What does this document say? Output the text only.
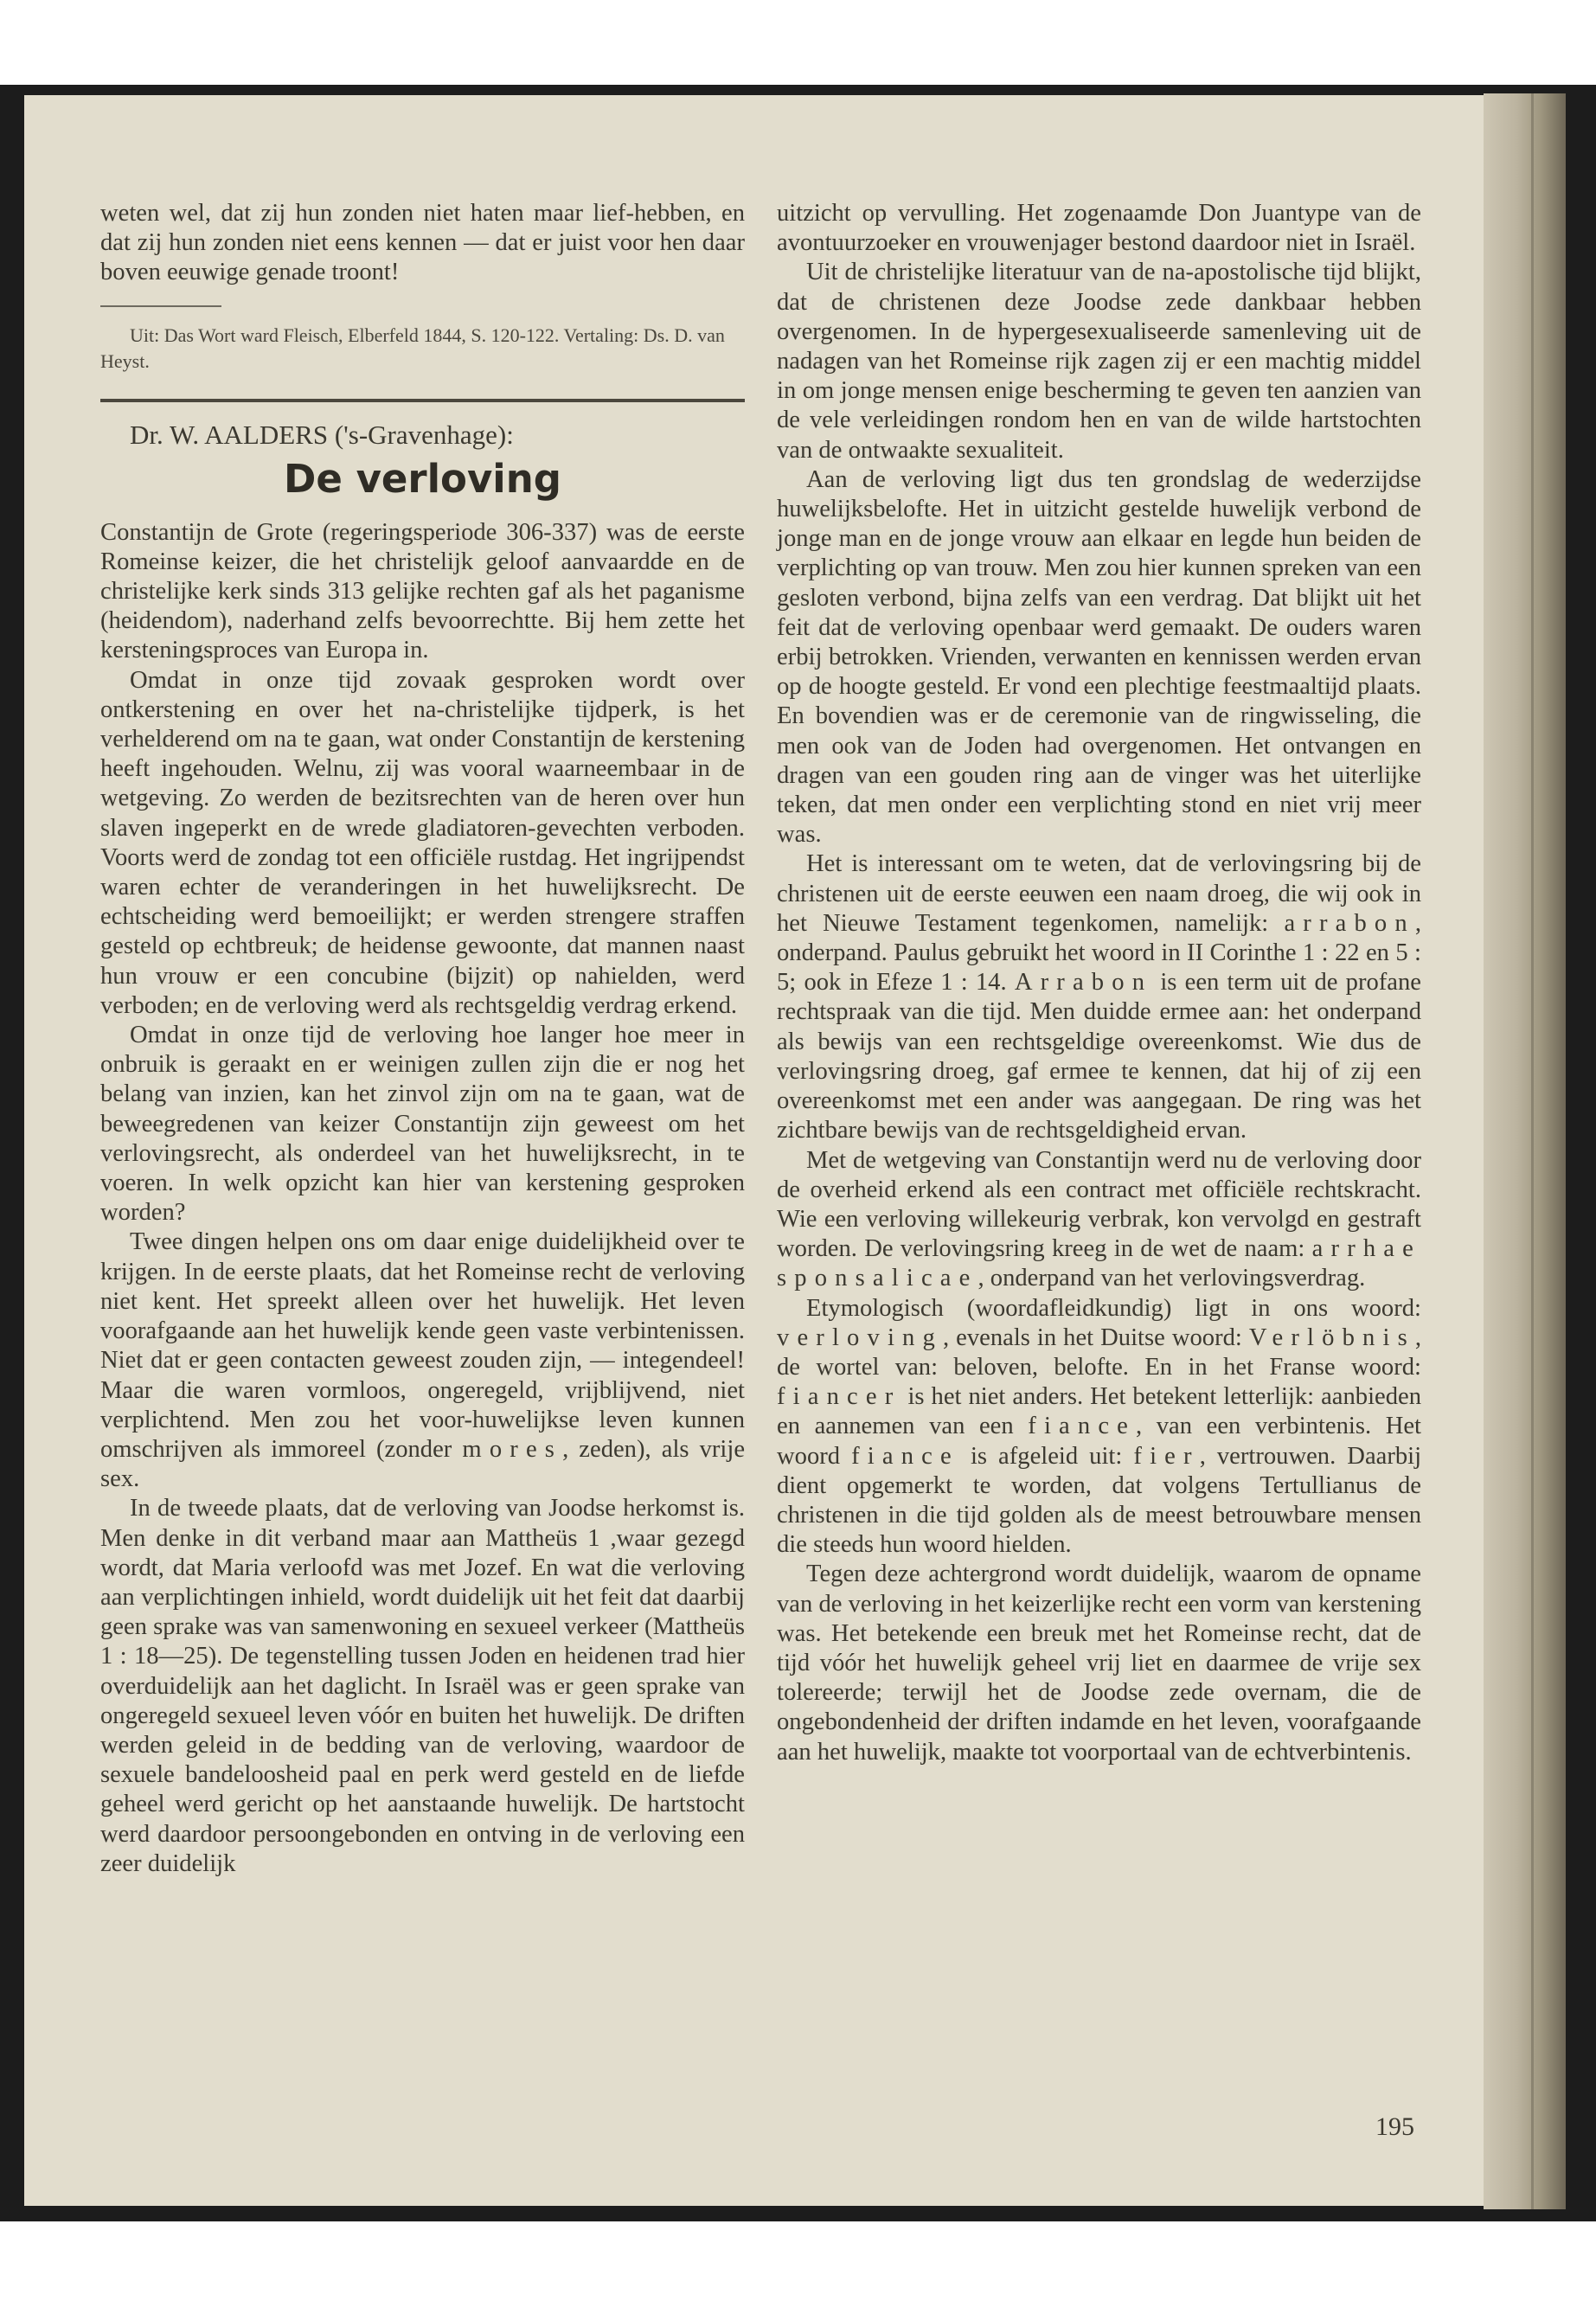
weten wel, dat zij hun zonden niet haten maar lief-hebben, en dat zij hun zonden niet eens kennen — dat er juist voor hen daar boven eeuwige genade troont!

Uit: Das Wort ward Fleisch, Elberfeld 1844, S. 120-122. Vertaling: Ds. D. van Heyst.

Dr. W. AALDERS ('s-Gravenhage):

De verloving

Constantijn de Grote (regeringsperiode 306-337) was de eerste Romeinse keizer, die het christelijk geloof aanvaardde en de christelijke kerk sinds 313 gelijke rechten gaf als het paganisme (heidendom), naderhand zelfs bevoorrechtte. Bij hem zette het kersteningsproces van Europa in.

Omdat in onze tijd zovaak gesproken wordt over ontkerstening en over het na-christelijke tijdperk, is het verhelderend om na te gaan, wat onder Constantijn de kerstening heeft ingehouden. Welnu, zij was vooral waarneembaar in de wetgeving. Zo werden de bezitsrechten van de heren over hun slaven ingeperkt en de wrede gladiatoren-gevechten verboden. Voorts werd de zondag tot een officiële rustdag. Het ingrijpendst waren echter de veranderingen in het huwelijksrecht. De echtscheiding werd bemoeilijkt; er werden strengere straffen gesteld op echtbreuk; de heidense gewoonte, dat mannen naast hun vrouw er een concubine (bijzit) op nahielden, werd verboden; en de verloving werd als rechtsgeldig verdrag erkend.

Omdat in onze tijd de verloving hoe langer hoe meer in onbruik is geraakt en er weinigen zullen zijn die er nog het belang van inzien, kan het zinvol zijn om na te gaan, wat de beweegredenen van keizer Constantijn zijn geweest om het verlovingsrecht, als onderdeel van het huwelijksrecht, in te voeren. In welk opzicht kan hier van kerstening gesproken worden?

Twee dingen helpen ons om daar enige duidelijkheid over te krijgen. In de eerste plaats, dat het Romeinse recht de verloving niet kent. Het spreekt alleen over het huwelijk. Het leven voorafgaande aan het huwelijk kende geen vaste verbintenissen. Niet dat er geen contacten geweest zouden zijn, — integendeel! Maar die waren vormloos, ongeregeld, vrijblijvend, niet verplichtend. Men zou het voor-huwelijkse leven kunnen omschrijven als immoreel (zonder mores, zeden), als vrije sex.

In de tweede plaats, dat de verloving van Joodse herkomst is. Men denke in dit verband maar aan Mattheüs 1 ,waar gezegd wordt, dat Maria verloofd was met Jozef. En wat die verloving aan verplichtingen inhield, wordt duidelijk uit het feit dat daarbij geen sprake was van samenwoning en sexueel verkeer (Mattheüs 1 : 18—25). De tegenstelling tussen Joden en heidenen trad hier overduidelijk aan het daglicht. In Israël was er geen sprake van ongeregeld sexueel leven vóór en buiten het huwelijk. De driften werden geleid in de bedding van de verloving, waardoor de sexuele bandeloosheid paal en perk werd gesteld en de liefde geheel werd gericht op het aanstaande huwelijk. De hartstocht werd daardoor persoongebonden en ontving in de verloving een zeer duidelijk

uitzicht op vervulling. Het zogenaamde Don Juantype van de avontuurzoeker en vrouwenjager bestond daardoor niet in Israël.

Uit de christelijke literatuur van de na-apostolische tijd blijkt, dat de christenen deze Joodse zede dankbaar hebben overgenomen. In de hypergesexualiseerde samenleving uit de nadagen van het Romeinse rijk zagen zij er een machtig middel in om jonge mensen enige bescherming te geven ten aanzien van de vele verleidingen rondom hen en van de wilde hartstochten van de ontwaakte sexualiteit.

Aan de verloving ligt dus ten grondslag de wederzijdse huwelijksbelofte. Het in uitzicht gestelde huwelijk verbond de jonge man en de jonge vrouw aan elkaar en legde hun beiden de verplichting op van trouw. Men zou hier kunnen spreken van een gesloten verbond, bijna zelfs van een verdrag. Dat blijkt uit het feit dat de verloving openbaar werd gemaakt. De ouders waren erbij betrokken. Vrienden, verwanten en kennissen werden ervan op de hoogte gesteld. Er vond een plechtige feestmaaltijd plaats. En bovendien was er de ceremonie van de ringwisseling, die men ook van de Joden had overgenomen. Het ontvangen en dragen van een gouden ring aan de vinger was het uiterlijke teken, dat men onder een verplichting stond en niet vrij meer was.

Het is interessant om te weten, dat de verlovingsring bij de christenen uit de eerste eeuwen een naam droeg, die wij ook in het Nieuwe Testament tegenkomen, namelijk: arrabon, onderpand. Paulus gebruikt het woord in II Corinthe 1 : 22 en 5 : 5; ook in Efeze 1 : 14. Arrabon is een term uit de profane rechtspraak van die tijd. Men duidde ermee aan: het onderpand als bewijs van een rechtsgeldige overeenkomst. Wie dus de verlovingsring droeg, gaf ermee te kennen, dat hij of zij een overeenkomst met een ander was aangegaan. De ring was het zichtbare bewijs van de rechtsgeldigheid ervan.

Met de wetgeving van Constantijn werd nu de verloving door de overheid erkend als een contract met officiële rechtskracht. Wie een verloving willekeurig verbrak, kon vervolgd en gestraft worden. De verlovingsring kreeg in de wet de naam: arrhae sponsalicae, onderpand van het verlovingsverdrag.

Etymologisch (woordafleidkundig) ligt in ons woord: verloving, evenals in het Duitse woord: Verlöbnis, de wortel van: beloven, belofte. En in het Franse woord: fiancer is het niet anders. Het betekent letterlijk: aanbieden en aannemen van een fiance, van een verbintenis. Het woord fiance is afgeleid uit: fier, vertrouwen. Daarbij dient opgemerkt te worden, dat volgens Tertullianus de christenen in die tijd golden als de meest betrouwbare mensen die steeds hun woord hielden.

Tegen deze achtergrond wordt duidelijk, waarom de opname van de verloving in het keizerlijke recht een vorm van kerstening was. Het betekende een breuk met het Romeinse recht, dat de tijd vóór het huwelijk geheel vrij liet en daarmee de vrije sex tolereerde; terwijl het de Joodse zede overnam, die de ongebondenheid der driften indamde en het leven, voorafgaande aan het huwelijk, maakte tot voorportaal van de echtverbintenis.

195
